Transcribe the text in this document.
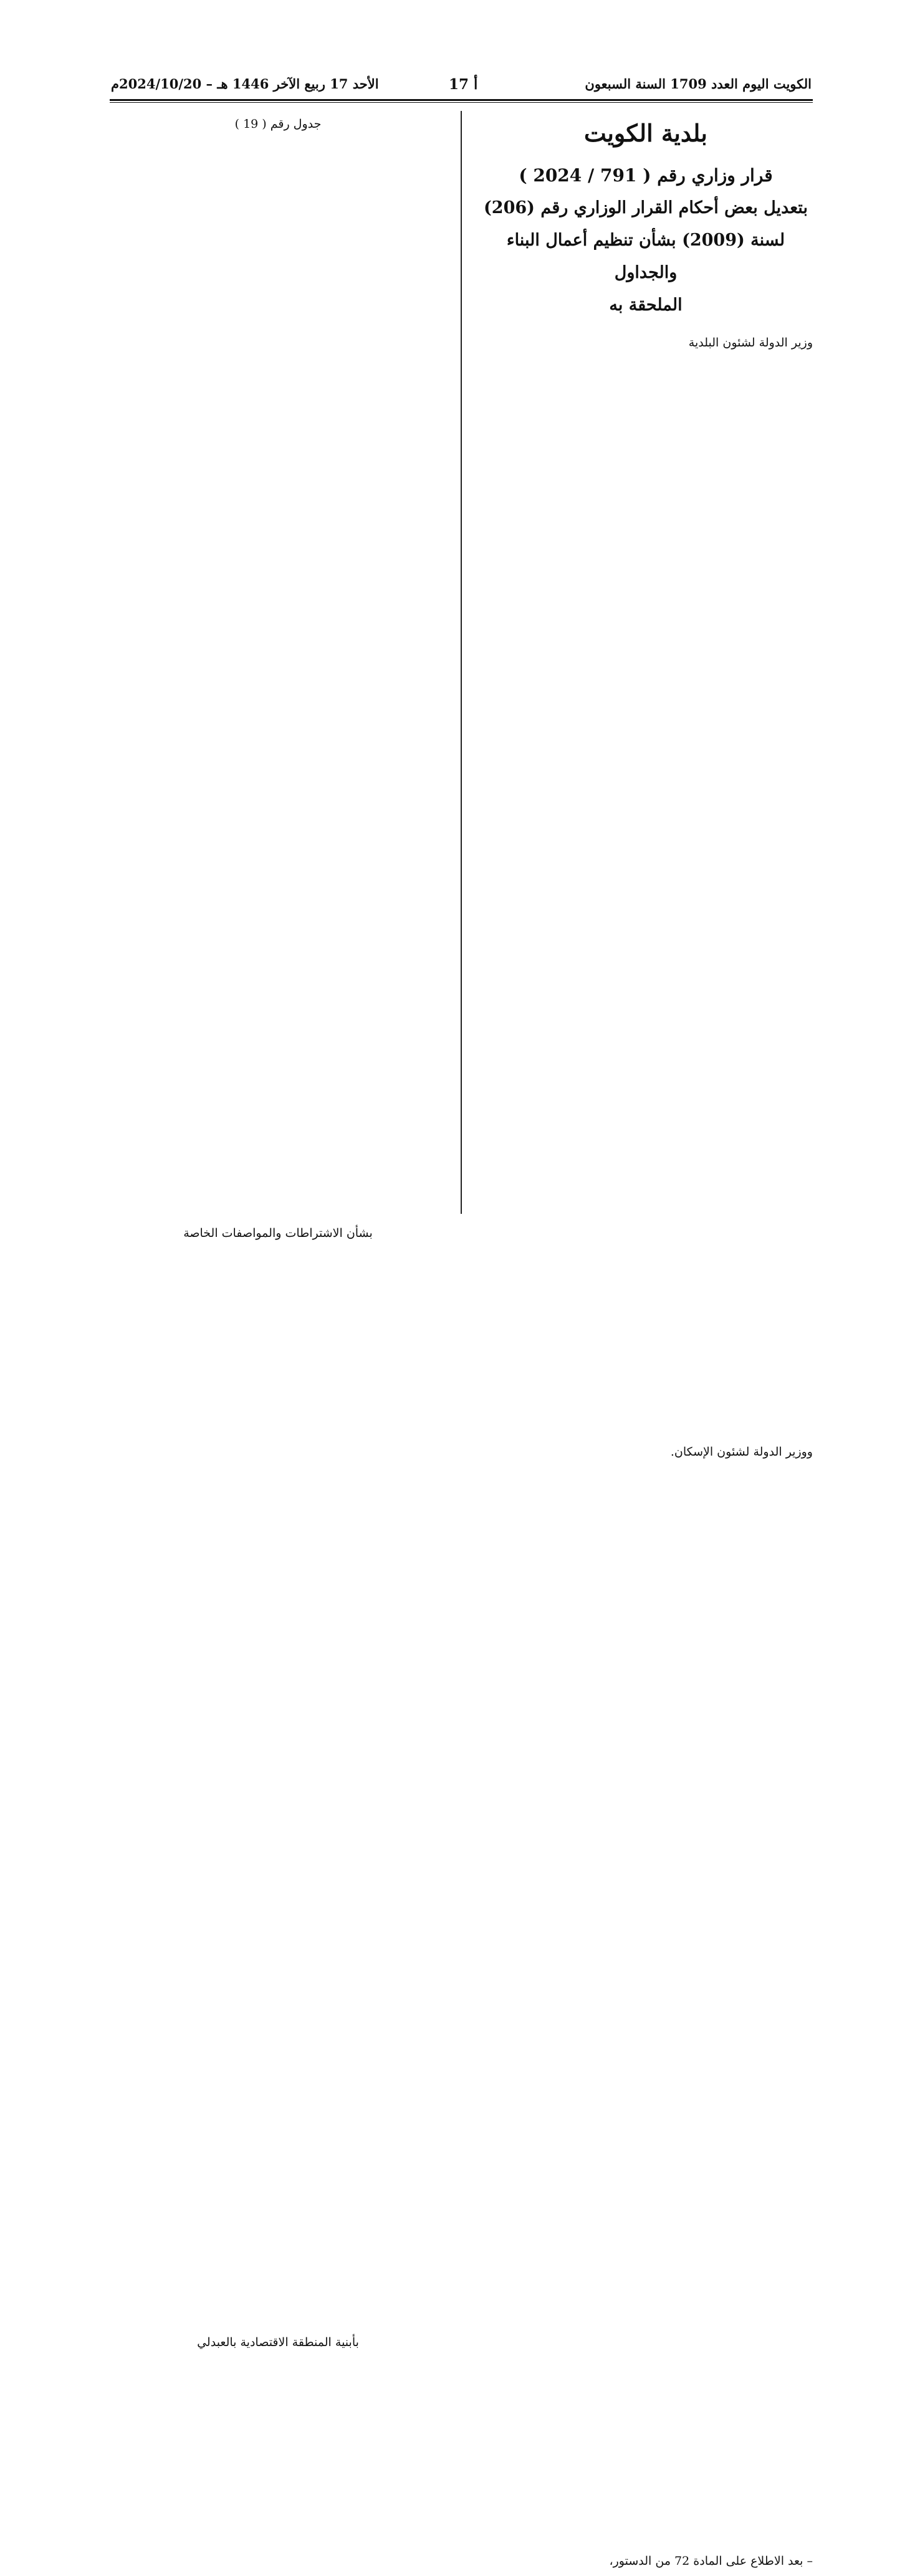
الكويت اليوم العدد 1709 السنة السبعون
أ 17
الأحد 17 ربيع الآخر 1446 هـ – 2024/10/20م
بلدية الكويت
قرار وزاري رقم ( 791 / 2024 )
بتعديل بعض أحكام القرار الوزاري رقم (206)
لسنة (2009) بشأن تنظيم أعمال البناء والجداول
الملحقة به
وزير الدولة لشئون البلدية
ووزير الدولة لشئون الإسكان.
– بعد الاطلاع على المادة 72 من الدستور،
جدول رقم ( 19 )
بشأن الاشتراطات والمواصفات الخاصة
بأبنية المنطقة الاقتصادية بالعبدلي
